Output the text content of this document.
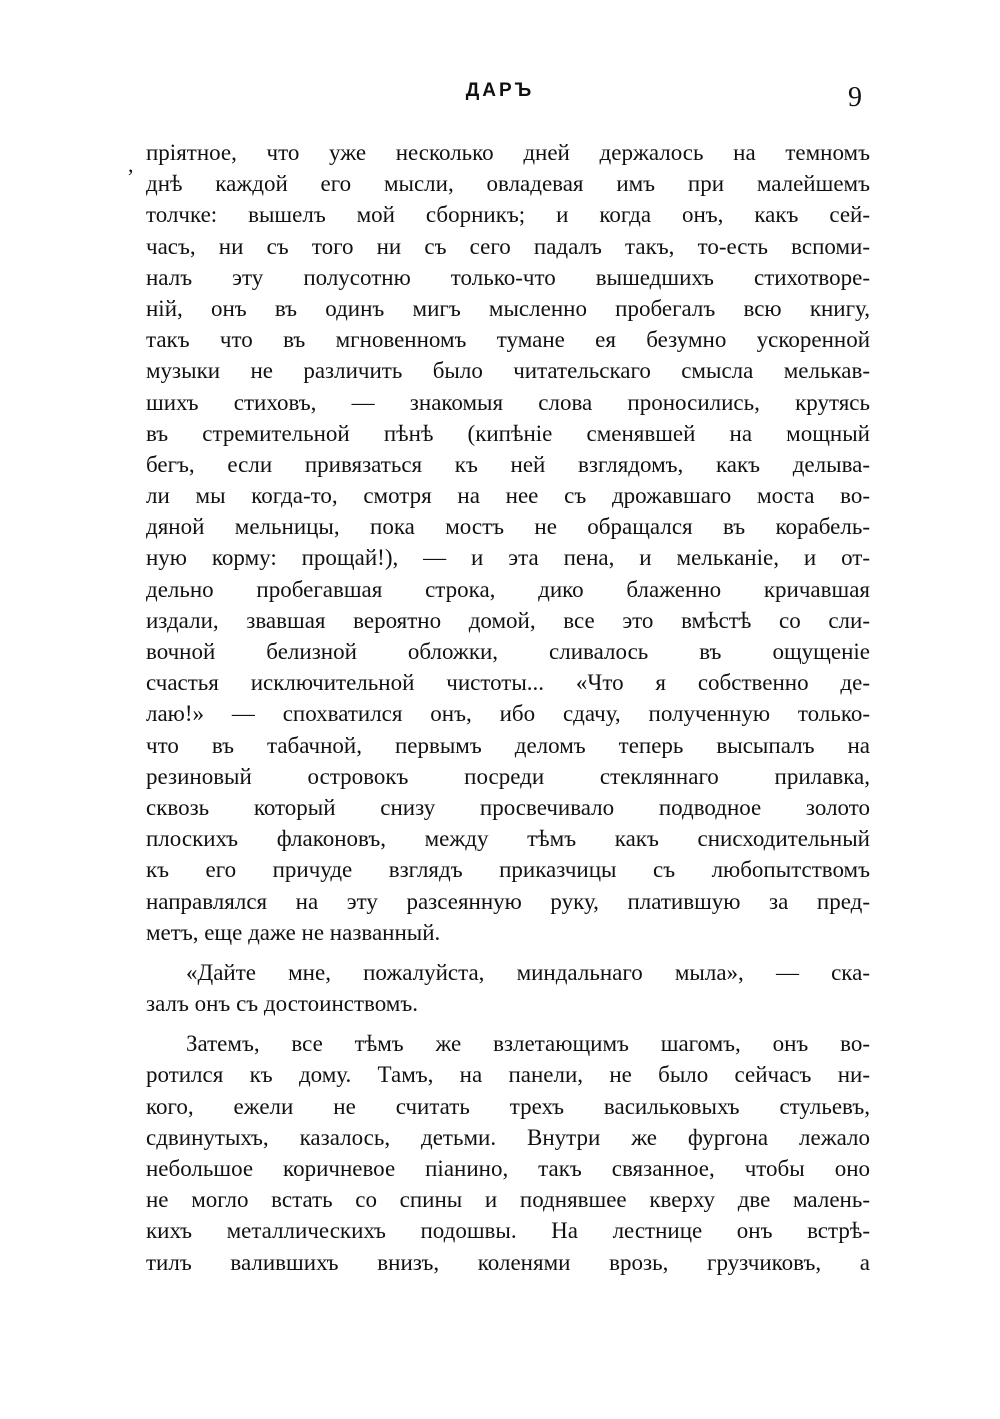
ДАРЪ	9
, пріятное, что уже несколько дней держалось на темномъ
днѣ каждой его мысли, овладевая имъ при малейшемъ
толчке: вышелъ мой сборникъ; и когда онъ, какъ сей-
часъ, ни съ того ни съ сего падалъ такъ, то-есть вспоми-
налъ эту полусотню только-что вышедшихъ стихотворе-
ній, онъ въ одинъ мигъ мысленно пробегалъ всю книгу,
такъ что въ мгновенномъ тумане ея безумно ускоренной
музыки не различить было читательскаго смысла мелькав-
шихъ стиховъ, — знакомыя слова проносились, крутясь
въ стремительной пѣнѣ (кипѣніе сменявшей на мощный
бегъ, если привязаться къ ней взглядомъ, какъ делыва-
ли мы когда-то, смотря на нее съ дрожавшаго моста во-
дяной мельницы, пока мостъ не обращался въ корабель-
ную корму: прощай!), — и эта пена, и мельканіе, и от-
дельно пробегавшая строка, дико блаженно кричавшая
издали, звавшая вероятно домой, все это вмѣстѣ со сли-
вочной белизной обложки, сливалось въ ощущеніе
счастья исключительной чистоты... «Что я собственно де-
лаю!» — спохватился онъ, ибо сдачу, полученную только-
что въ табачной, первымъ деломъ теперь высыпалъ на
резиновый островокъ посреди стекляннаго прилавка,
сквозь который снизу просвечивало подводное золото
плоскихъ флаконовъ, между тѣмъ какъ снисходительный
къ его причуде взглядъ приказчицы съ любопытствомъ
направлялся на эту разсеянную руку, платившую за пред-
метъ, еще даже не названный.
«Дайте мне, пожалуйста, миндальнаго мыла», — ска-
залъ онъ съ достоинствомъ.
Затемъ, все тѣмъ же взлетающимъ шагомъ, онъ во-
ротился къ дому. Тамъ, на панели, не было сейчасъ ни-
кого, ежели не считать трехъ васильковыхъ стульевъ,
сдвинутыхъ, казалось, детьми. Внутри же фургона лежало
небольшое коричневое піанино, такъ связанное, чтобы оно
не могло встать со спины и поднявшее кверху две малень-
кихъ металлическихъ подошвы. На лестнице онъ встрѣ-
тилъ валившихъ внизъ, коленями врозь, грузчиковъ, а
